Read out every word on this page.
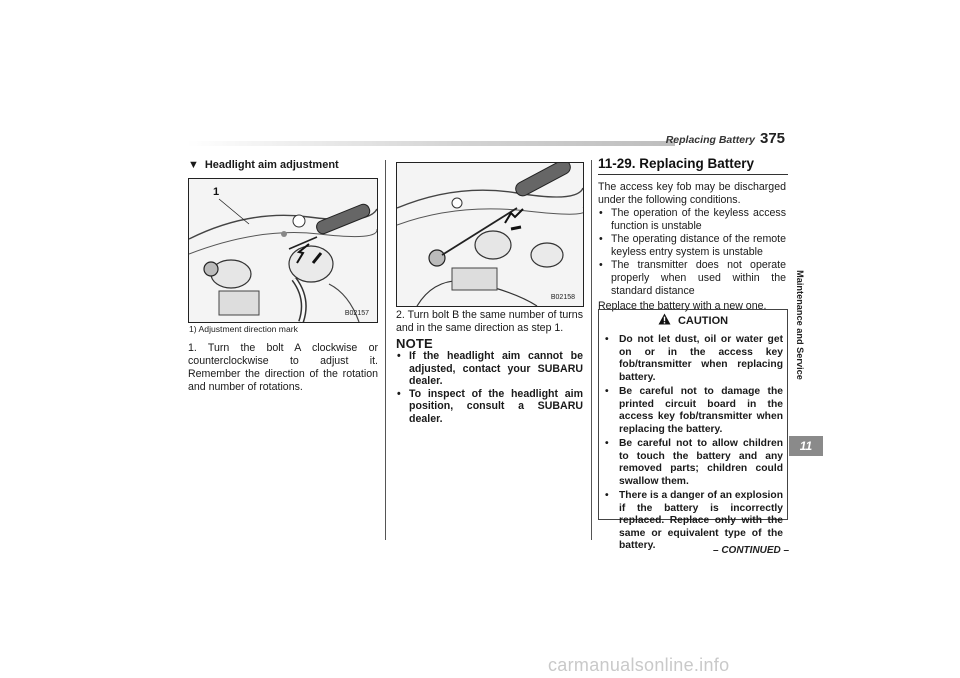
Replacing Battery 375
▼ Headlight aim adjustment
1
B02157
1) Adjustment direction mark

1. Turn the bolt A clockwise or counterclockwise to adjust it. Remember the direction of the rotation and number of rotations.

B02158

2. Turn bolt B the same number of turns and in the same direction as step 1.

NOTE
• If the headlight aim cannot be adjusted, contact your SUBARU dealer.
• To inspect of the headlight aim position, consult a SUBARU dealer.
11-29. Replacing Battery

The access key fob may be discharged under the following conditions.

• The operation of the keyless access function is unstable
• The operating distance of the remote keyless entry system is unstable
• The transmitter does not operate properly when used within the standard distance

Replace the battery with a new one.

CAUTION
•	Do not let dust, oil or water get on or in the access key fob/transmitter when replacing battery.
•	Be careful not to damage the printed circuit board in the access key fob/transmitter when replacing the battery.
•	Be careful not to allow children to touch the battery and any removed parts; children could swallow them.
•	There is a danger of an explosion if the battery is incorrectly replaced. Replace only with the same or equivalent type of the battery.
Maintenance and Service
11
– CONTINUED –
carmanualsonline.info
